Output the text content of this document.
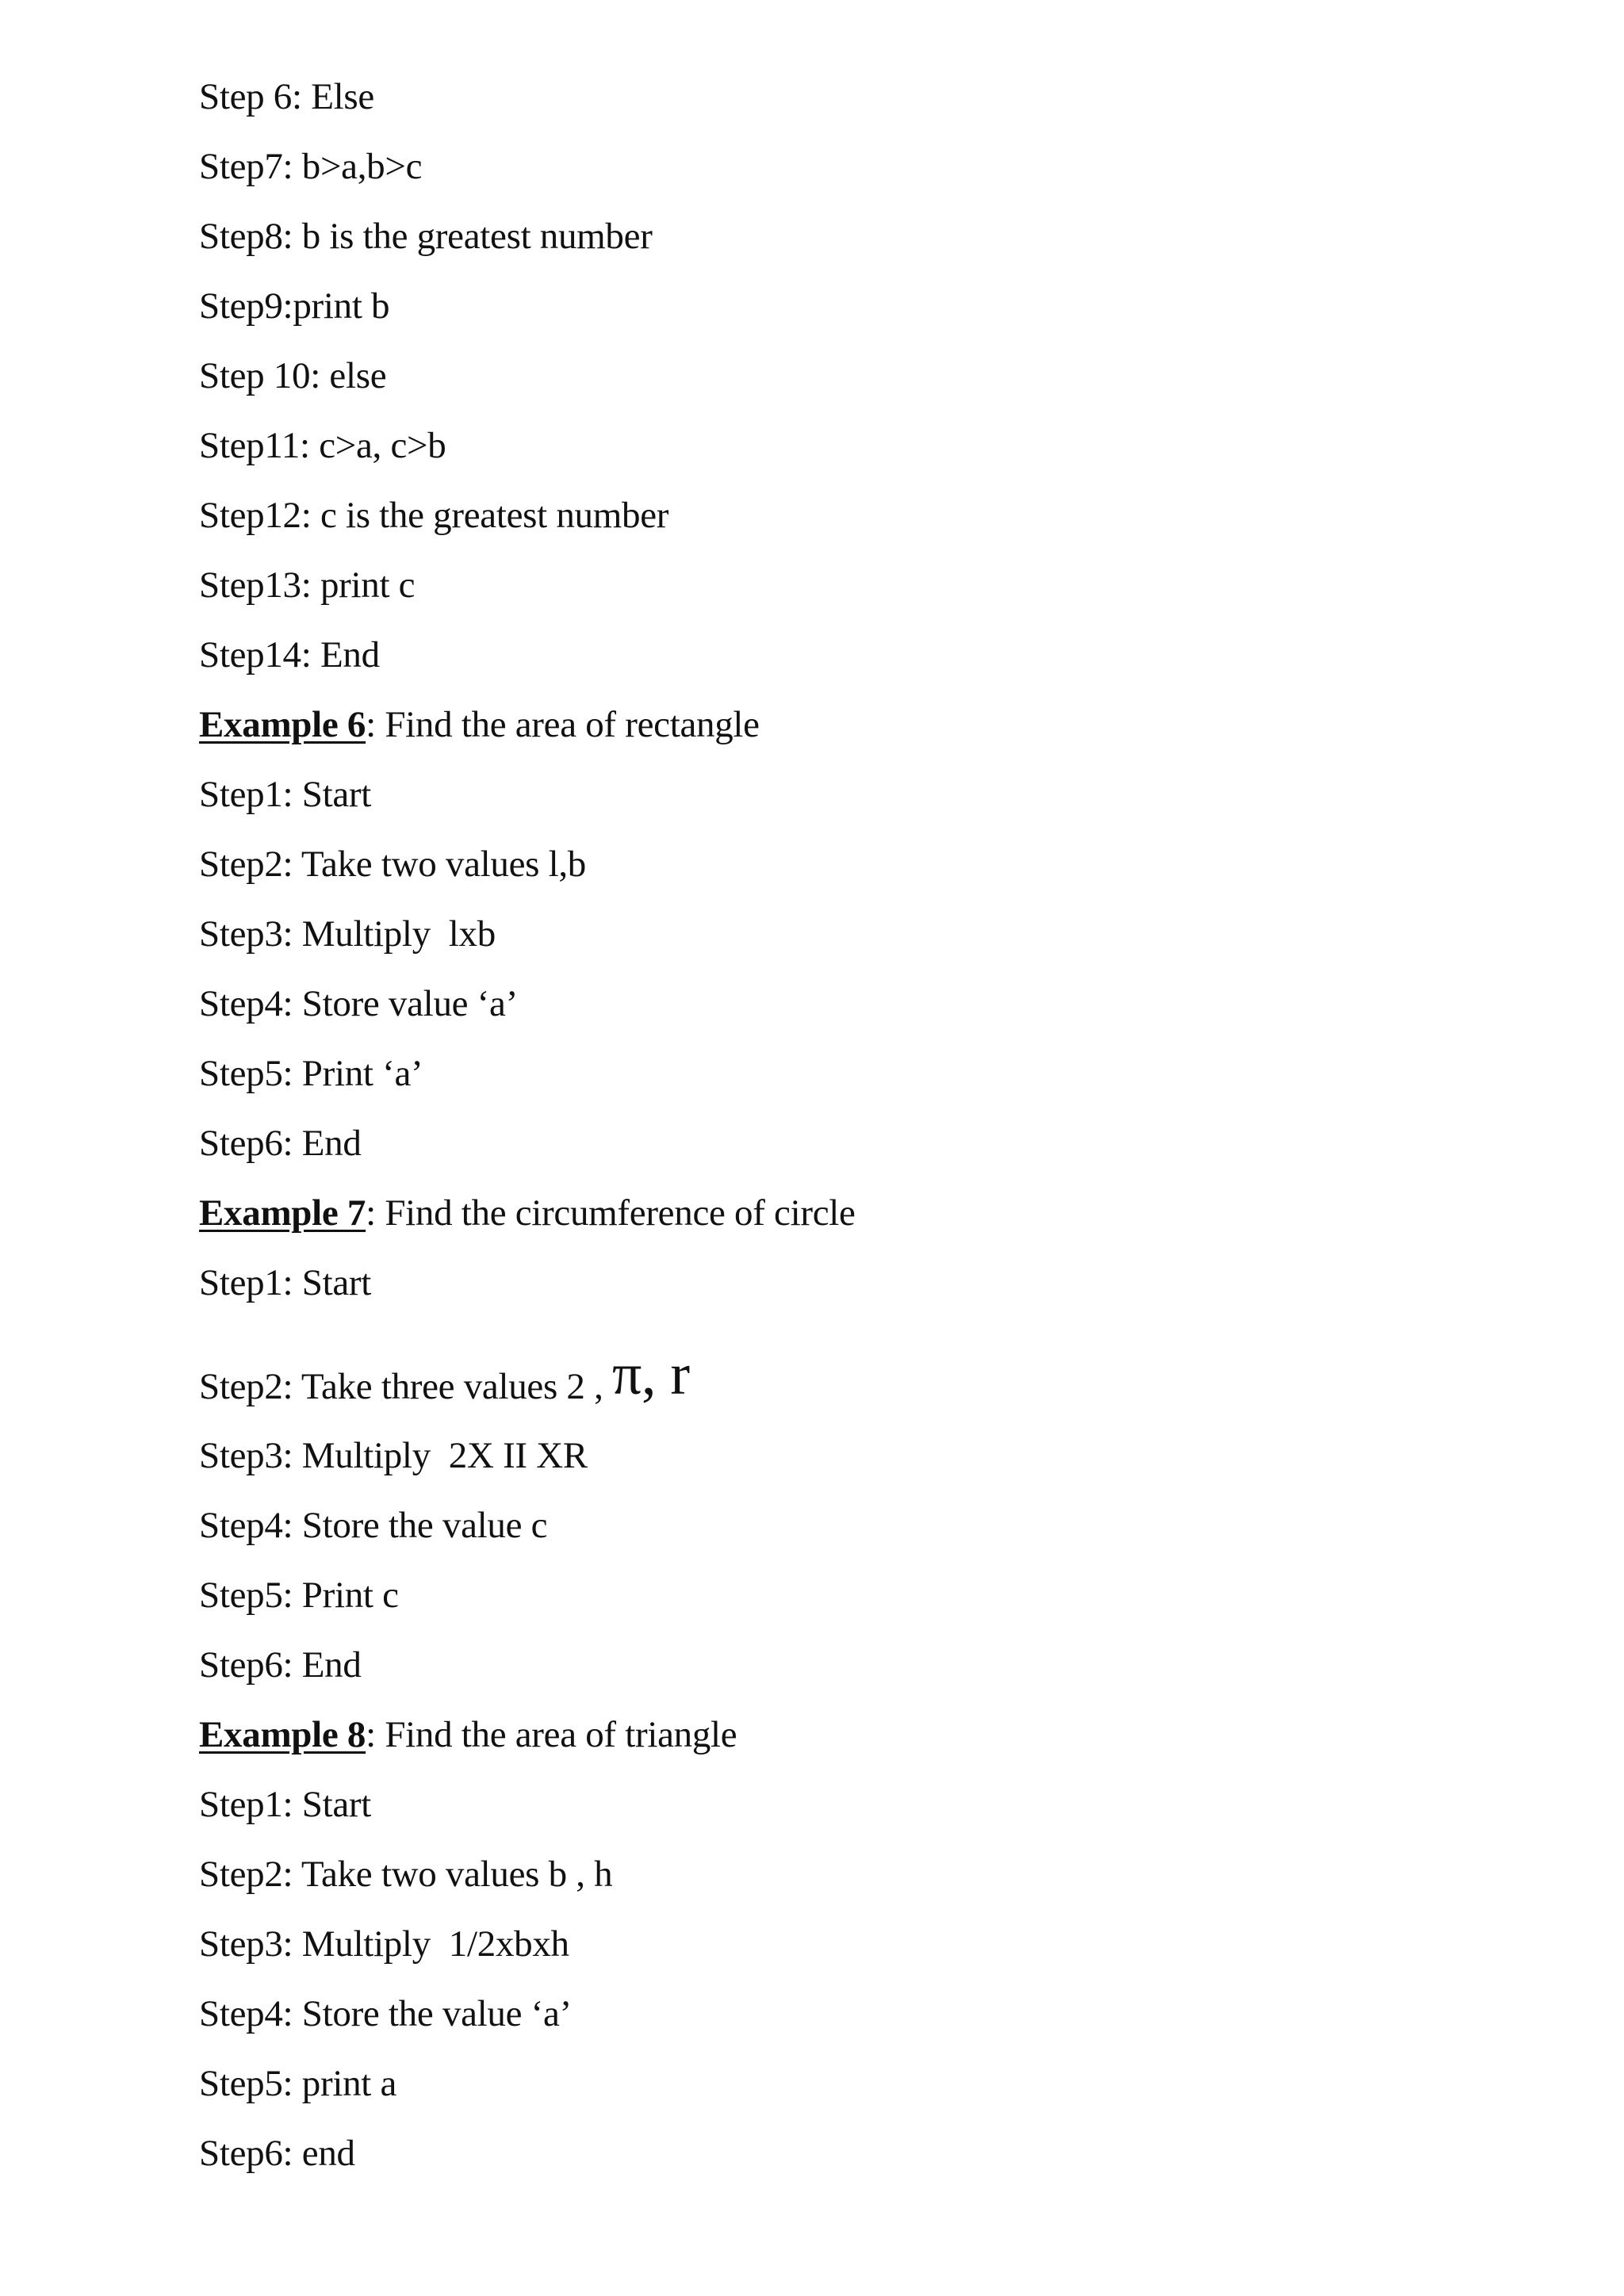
Step 6: Else
Step7: b>a,b>c
Step8: b is the greatest number
Step9:print b
Step 10: else
Step11: c>a, c>b
Step12: c is the greatest number
Step13: print c
Step14: End
Example 6: Find the area of rectangle
Step1: Start
Step2: Take two values l,b
Step3: Multiply  lxb
Step4: Store value ‘a’
Step5: Print ‘a’
Step6: End
Example 7: Find the circumference of circle
Step1: Start
Step2: Take three values 2 , π, r
Step3: Multiply  2X II XR
Step4: Store the value c
Step5: Print c
Step6: End
Example 8: Find the area of triangle
Step1: Start
Step2: Take two values b , h
Step3: Multiply  1/2xbxh
Step4: Store the value ‘a’
Step5: print a
Step6: end
